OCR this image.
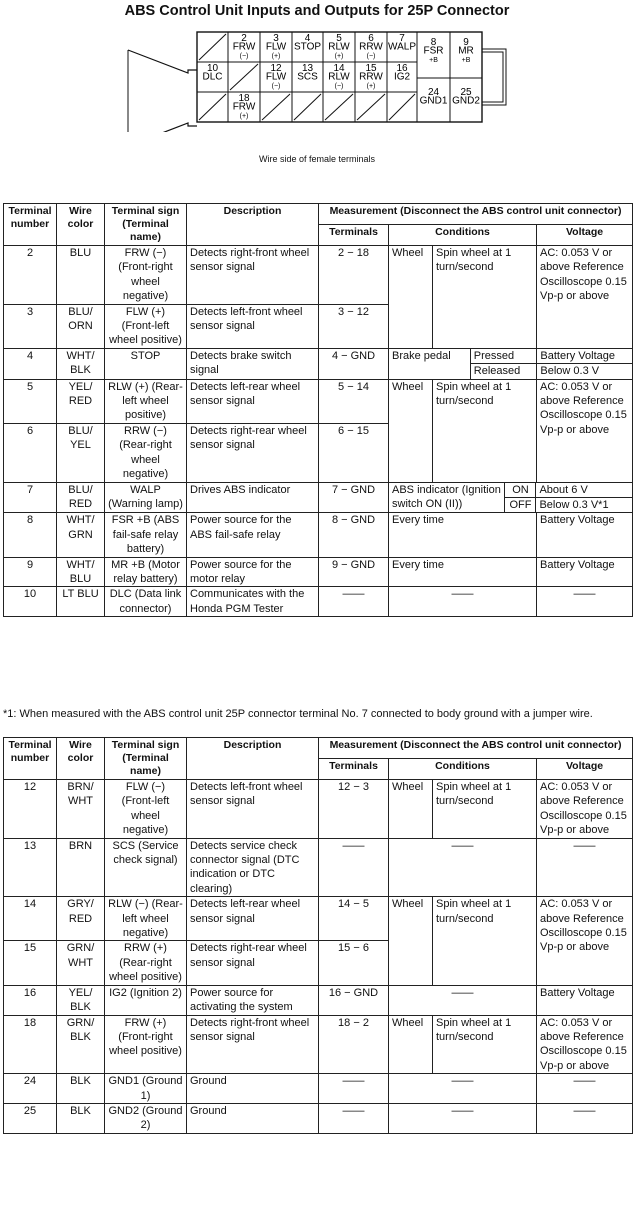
ABS Control Unit Inputs and Outputs for 25P Connector
2
FRW
(−)
3
FLW
(+)
4
STOP
5
RLW
(+)
6
RRW
(−)
7
WALP
10
DLC
12
FLW
(−)
13
SCS
14
RLW
(−)
15
RRW
(+)
16
IG2
18
FRW
(+)
8
FSR
+B
24
GND1
9
MR
+B
25
GND2
Wire side of female terminals
Terminal number	Wire color	Terminal sign (Terminal name)	Description	Measurement (Disconnect the ABS control unit connector)
Terminals	Conditions	Voltage
2	BLU	FRW (−) (Front-right wheel negative)	Detects right-front wheel sensor signal	2 − 18	Wheel	Spin wheel at 1 turn/second	AC: 0.053 V or above Reference Oscilloscope 0.15 Vp-p or above
3	BLU/ ORN	FLW (+) (Front-left wheel positive)	Detects left-front wheel sensor signal	3 − 12
4	WHT/ BLK	STOP	Detects brake switch signal	4 − GND	Brake pedal	Pressed	Battery Voltage
Released	Below 0.3 V

5	YEL/ RED	RLW (+) (Rear-left wheel positive)	Detects left-rear wheel sensor signal	5 − 14	Wheel	Spin wheel at 1 turn/second	AC: 0.053 V or above Reference Oscilloscope 0.15 Vp-p or above
6	BLU/ YEL	RRW (−) (Rear-right wheel negative)	Detects right-rear wheel sensor signal	6 − 15
7	BLU/ RED	WALP (Warning lamp)	Drives ABS indicator	7 − GND	ABS indicator (Ignition switch ON (II))	ON	About 6 V
OFF	Below 0.3 V*1

8	WHT/ GRN	FSR +B (ABS fail-safe relay battery)	Power source for the ABS fail-safe relay	8 − GND	Every time	Battery Voltage
9	WHT/ BLU	MR +B (Motor relay battery)	Power source for the motor relay	9 − GND	Every time	Battery Voltage
10	LT BLU	DLC (Data link connector)	Communicates with the Honda PGM Tester	——	——	——
*1: When measured with the ABS control unit 25P connector terminal No. 7 connected to body ground with a jumper wire.
Terminal number	Wire color	Terminal sign (Terminal name)	Description	Measurement (Disconnect the ABS control unit connector)			
				Terminals	Conditions		Voltage
12	BRN/ WHT	FLW (−) (Front-left wheel negative)	Detects left-front wheel sensor signal	12 − 3	Wheel	Spin wheel at 1 turn/second	AC: 0.053 V or above Reference Oscilloscope 0.15 Vp-p or above
13	BRN	SCS (Service check signal)	Detects service check connector signal (DTC indication or DTC clearing)	——	——		——
14	GRY/ RED	RLW (−) (Rear-left wheel negative)	Detects left-rear wheel sensor signal	14 − 5	Wheel	Spin wheel at 1 turn/second	AC: 0.053 V or above Reference Oscilloscope 0.15 Vp-p or above
15	GRN/ WHT	RRW (+) (Rear-right wheel positive)	Detects right-rear wheel sensor signal	15 − 6			
16	YEL/ BLK	IG2 (Ignition 2)	Power source for activating the system	16 − GND	——		Battery Voltage
18	GRN/ BLK	FRW (+) (Front-right wheel positive)	Detects right-front wheel sensor signal	18 − 2	Wheel	Spin wheel at 1 turn/second	AC: 0.053 V or above Reference Oscilloscope 0.15 Vp-p or above
24	BLK	GND1 (Ground 1)	Ground	——	——		——
25	BLK	GND2 (Ground 2)	Ground	——	——		——
